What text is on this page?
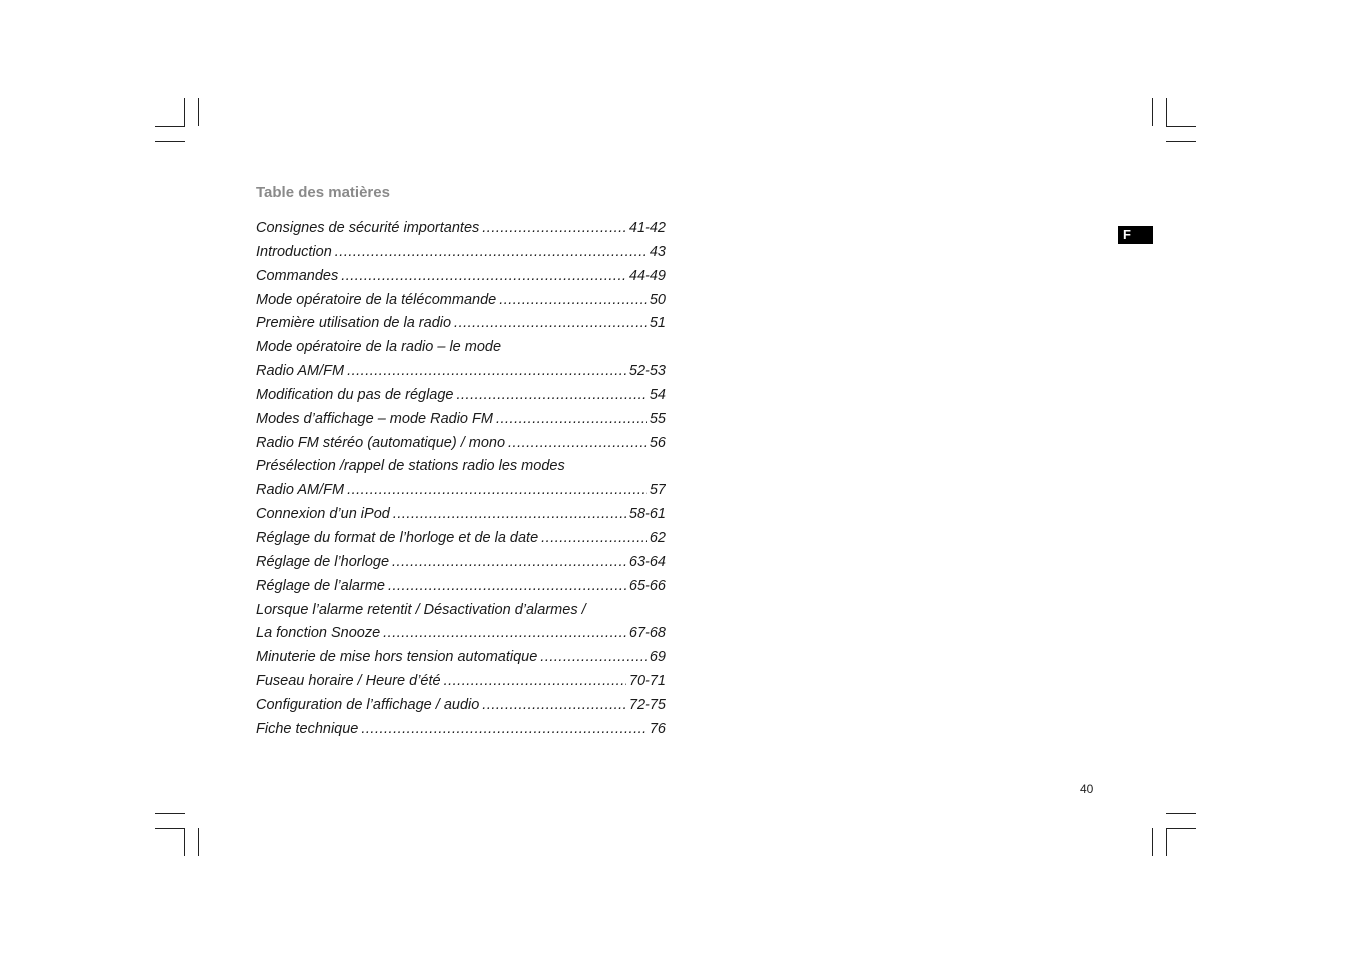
Table des matières
Consignes de sécurité importantes .....	41-42
Introduction .....	43
Commandes .....	44-49
Mode opératoire de la télécommande .....	50
Première utilisation de la radio .....	51
Mode opératoire de la radio – le mode
Radio AM/FM .....	52-53
Modification du pas de réglage .....	54
Modes d’affichage – mode Radio FM .....	55
Radio FM stéréo (automatique) / mono .....	56
Présélection /rappel de stations radio les modes
Radio AM/FM .....	57
Connexion d’un iPod .....	58-61
Réglage du format de l’horloge et de la date .....	62
Réglage de l’horloge .....	63-64
Réglage de l’alarme .....	65-66
Lorsque l’alarme retentit / Désactivation d’alarmes /
La fonction Snooze .....	67-68
Minuterie de mise hors tension automatique .....	69
Fuseau horaire / Heure d’été .....	70-71
Configuration de l’affichage / audio .....	72-75
Fiche technique .....	76
F
40
